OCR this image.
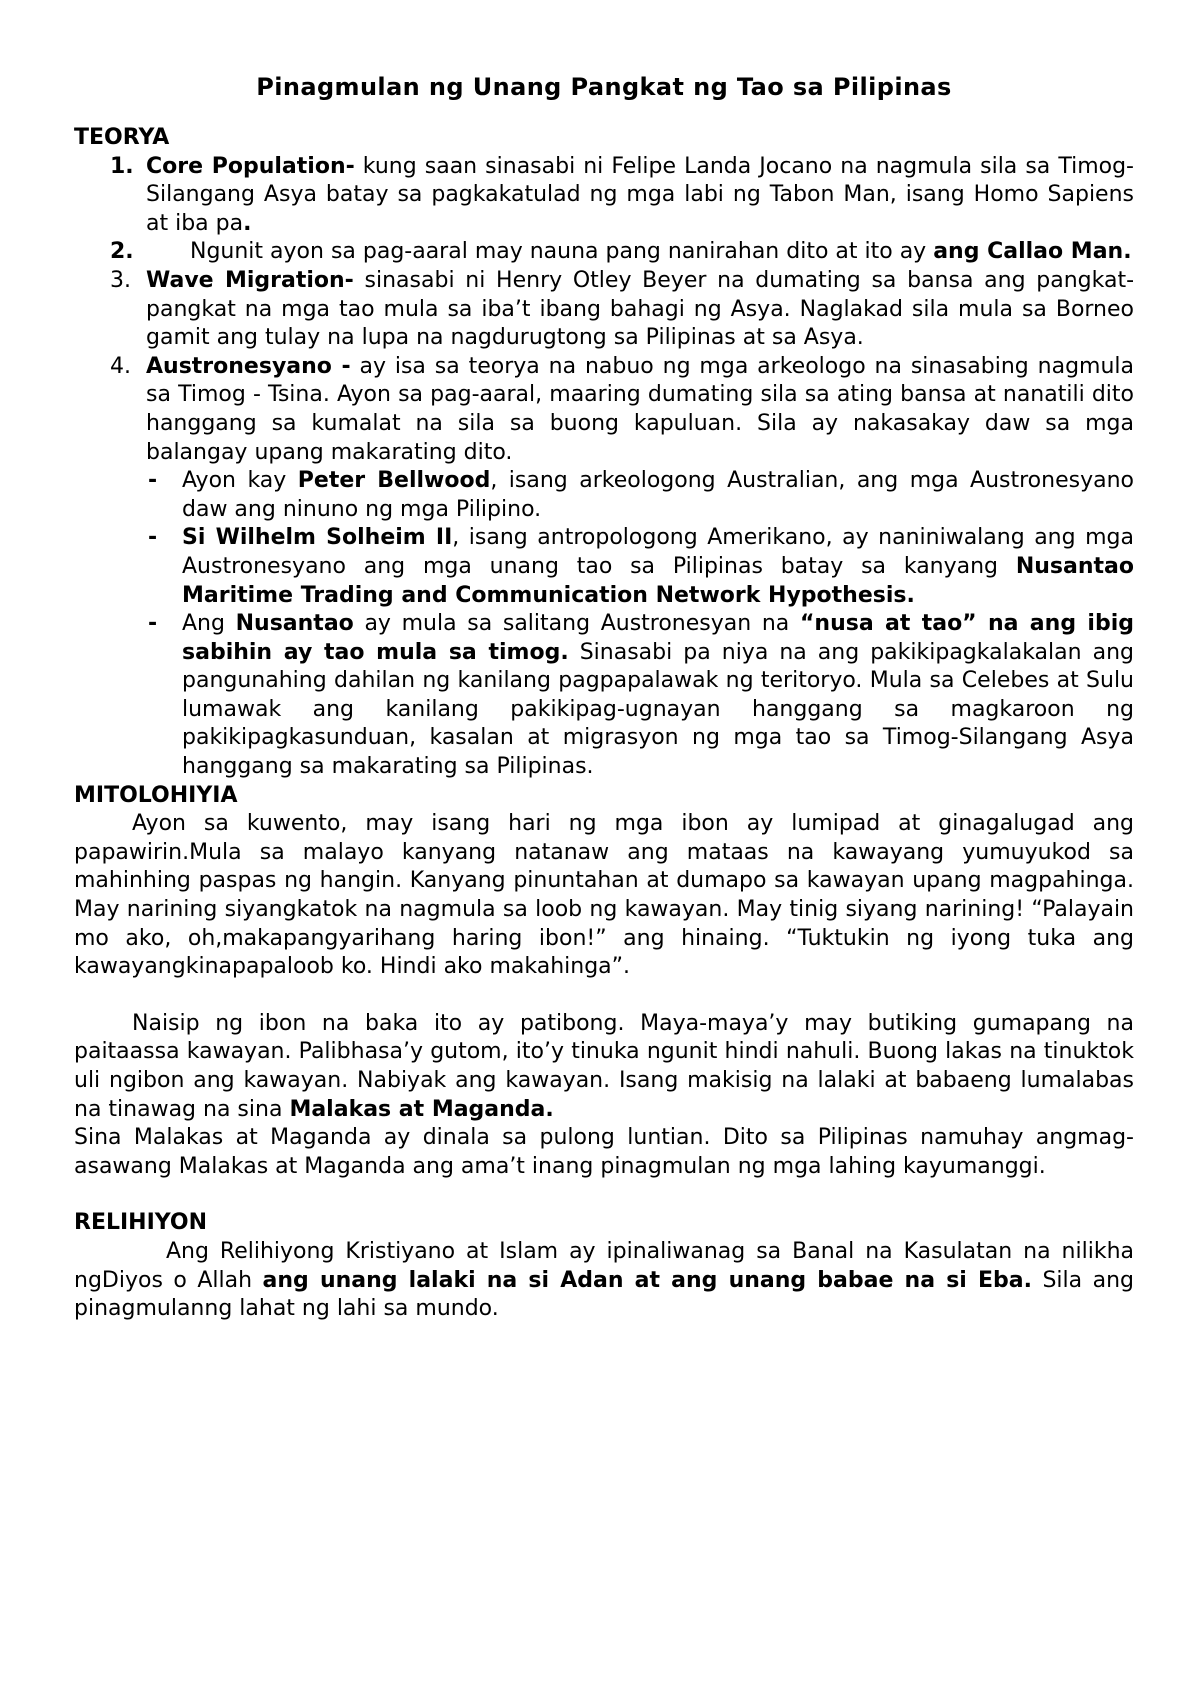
Pinagmulan ng Unang Pangkat ng Tao sa Pilipinas

TEORYA

1. Core Population- kung saan sinasabi ni Felipe Landa Jocano na nagmula sila sa Timog-Silangang Asya batay sa pagkakatulad ng mga labi ng Tabon Man, isang Homo Sapiens at iba pa.

2.	Ngunit ayon sa pag-aaral may nauna pang nanirahan dito at ito ay ang Callao Man.

3. Wave Migration- sinasabi ni Henry Otley Beyer na dumating sa bansa ang pangkat-pangkat na mga tao mula sa iba’t ibang bahagi ng Asya. Naglakad sila mula sa Borneo gamit ang tulay na lupa na nagdurugtong sa Pilipinas at sa Asya.

4. Austronesyano - ay isa sa teorya na nabuo ng mga arkeologo na sinasabing nagmula sa Timog - Tsina. Ayon sa pag-aaral, maaring dumating sila sa ating bansa at nanatili dito hanggang sa kumalat na sila sa buong kapuluan. Sila ay nakasakay daw sa mga balangay upang makarating dito.

- Ayon kay Peter Bellwood, isang arkeologong Australian, ang mga Austronesyano daw ang ninuno ng mga Pilipino.

- Si Wilhelm Solheim II, isang antropologong Amerikano, ay naniniwalang ang mga Austronesyano ang mga unang tao sa Pilipinas batay sa kanyang Nusantao Maritime Trading and Communication Network Hypothesis.

- Ang Nusantao ay mula sa salitang Austronesyan na “nusa at tao” na ang ibig sabihin ay tao mula sa timog. Sinasabi pa niya na ang pakikipagkalakalan ang pangunahing dahilan ng kanilang pagpapalawak ng teritoryo. Mula sa Celebes at Sulu lumawak ang kanilang pakikipag-ugnayan hanggang sa magkaroon ng pakikipagkasunduan, kasalan at migrasyon ng mga tao sa Timog-Silangang Asya hanggang sa makarating sa Pilipinas.

MITOLOHIYIA

Ayon sa kuwento, may isang hari ng mga ibon ay lumipad at ginagalugad ang papawirin.Mula sa malayo kanyang natanaw ang mataas na kawayang yumuyukod sa mahinhing paspas ng hangin. Kanyang pinuntahan at dumapo sa kawayan upang magpahinga. May narining siyangkatok na nagmula sa loob ng kawayan. May tinig siyang narining! “Palayain mo ako, oh,makapangyarihang haring ibon!” ang hinaing. “Tuktukin ng iyong tuka ang kawayangkinapapaloob ko. Hindi ako makahinga”.

Naisip ng ibon na baka ito ay patibong. Maya-maya’y may butiking gumapang na paitaassa kawayan. Palibhasa’y gutom, ito’y tinuka ngunit hindi nahuli. Buong lakas na tinuktok uli ngibon ang kawayan. Nabiyak ang kawayan. Isang makisig na lalaki at babaeng lumalabas na tinawag na sina Malakas at Maganda.

Sina Malakas at Maganda ay dinala sa pulong luntian. Dito sa Pilipinas namuhay angmag-asawang Malakas at Maganda ang ama’t inang pinagmulan ng mga lahing kayumanggi.

RELIHIYON

Ang Relihiyong Kristiyano at Islam ay ipinaliwanag sa Banal na Kasulatan na nilikha ngDiyos o Allah ang unang lalaki na si Adan at ang unang babae na si Eba. Sila ang pinagmulanng lahat ng lahi sa mundo.
